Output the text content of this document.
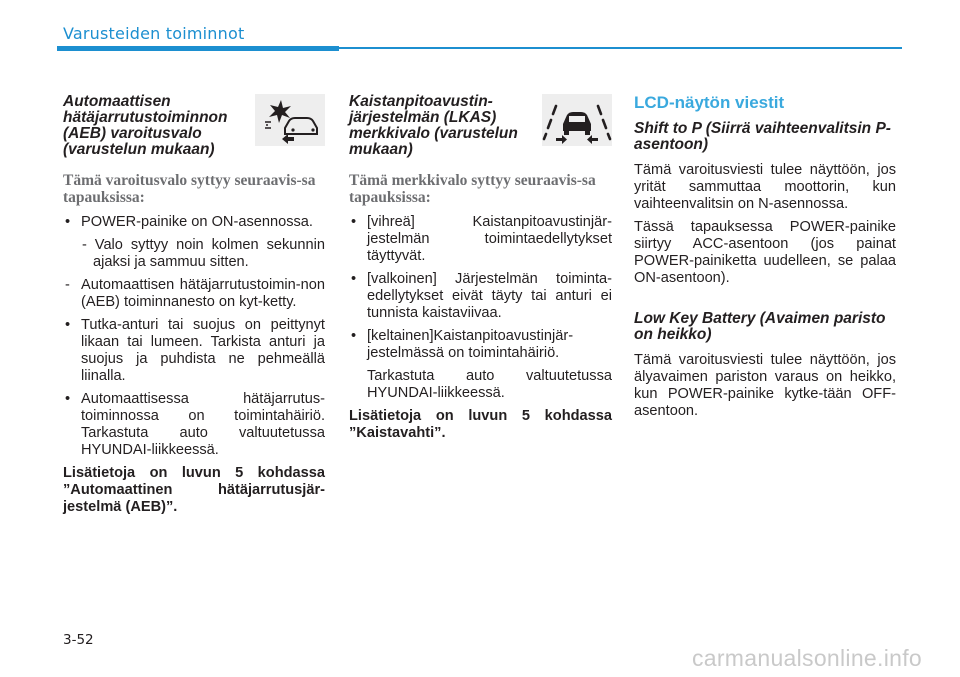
Varusteiden toiminnot
Automaattisen hätäjarrutustoiminnon (AEB) varoitusvalo (varustelun mukaan)
Tämä varoitusvalo syttyy seuraavis-sa tapauksissa:
• POWER-painike on ON-asennossa.
- Valo syttyy noin kolmen sekunnin ajaksi ja sammuu sitten.
- Automaattisen hätäjarrutustoimin-non (AEB) toiminnanesto on kyt-ketty.
• Tutka-anturi tai suojus on peittynyt likaan tai lumeen. Tarkista anturi ja suojus ja puhdista ne pehmeällä liinalla.
• Automaattisessa hätäjarrutus-toiminnossa on toimintahäiriö. Tarkastuta auto valtuutetussa HYUNDAI-liikkeessä.

Lisätietoja on luvun 5 kohdassa ”Automaattinen hätäjarrutusjär-jestelmä (AEB)”.

Kaistanpitoavustin-järjestelmän (LKAS) merkkivalo (varustelun mukaan)
Tämä merkkivalo syttyy seuraavis-sa tapauksissa:
• [vihreä] Kaistanpitoavustinjär-jestelmän toimintaedellytykset täyttyvät.
• [valkoinen] Järjestelmän toiminta-edellytykset eivät täyty tai anturi ei tunnista kaistaviivaa.
• [keltainen]Kaistanpitoavustinjär-jestelmässä on toimintahäiriö.
Tarkastuta auto valtuutetussa HYUNDAI-liikkeessä.

Lisätietoja on luvun 5 kohdassa ”Kaistavahti”.

LCD-näytön viestit
Shift to P (Siirrä vaihteenvalitsin P-asentoon)

Tämä varoitusviesti tulee näyttöön, jos yrität sammuttaa moottorin, kun vaihteenvalitsin on N-asennossa.

Tässä tapauksessa POWER-painike siirtyy ACC-asentoon (jos painat POWER-painiketta uudelleen, se palaa ON-asentoon).

Low Key Battery (Avaimen paristo on heikko)

Tämä varoitusviesti tulee näyttöön, jos älyavaimen pariston varaus on heikko, kun POWER-painike kytke-tään OFF-asentoon.

3-52
carmanualsonline.info
